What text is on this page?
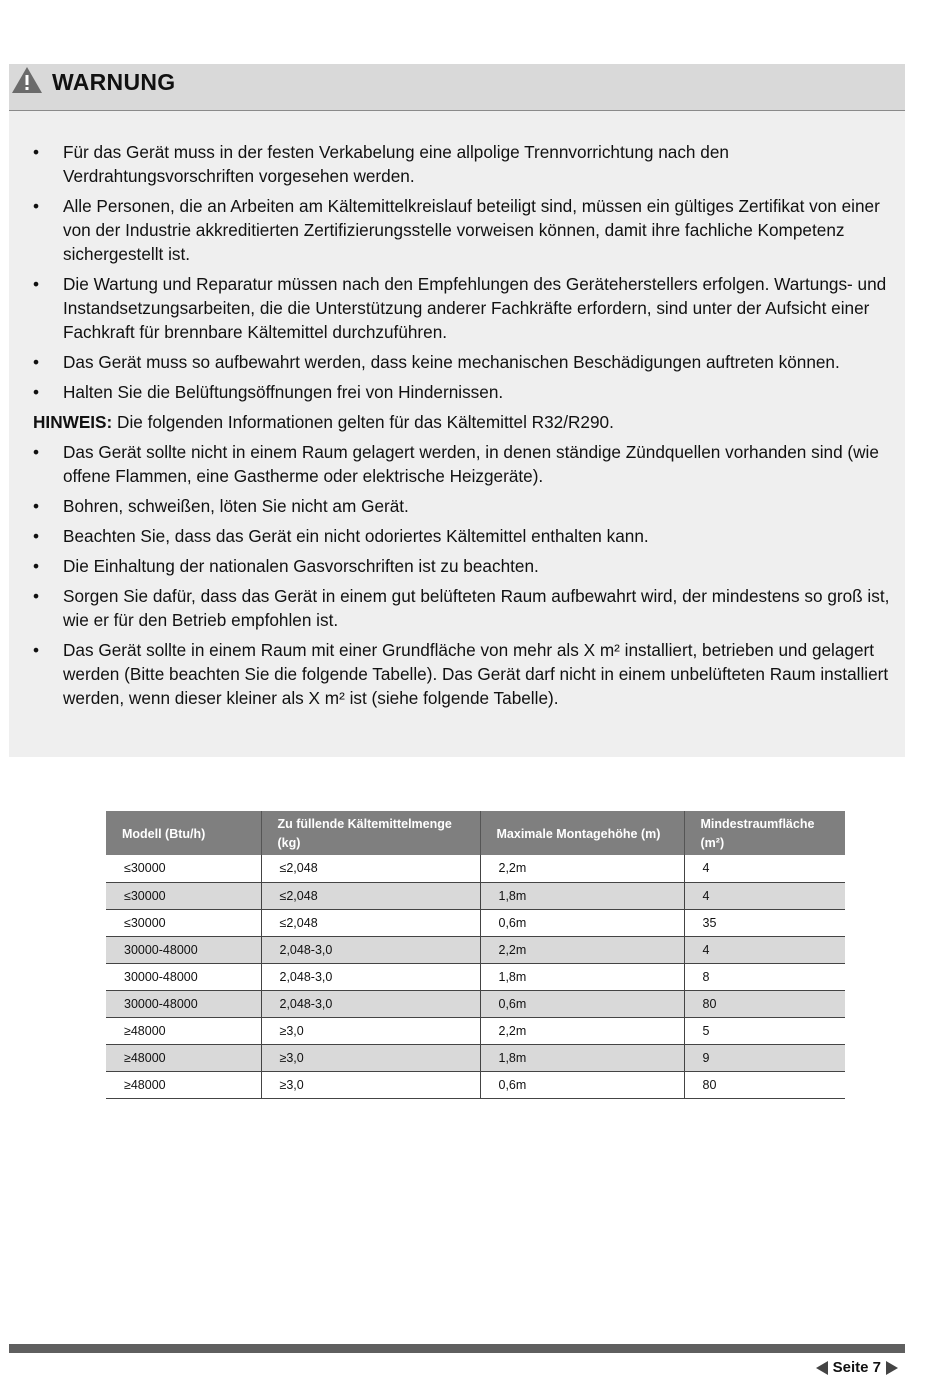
WARNUNG
•	Für das Gerät muss in der festen Verkabelung eine allpolige Trennvorrichtung nach den Verdrahtungsvorschriften vorgesehen werden.
•	Alle Personen, die an Arbeiten am Kältemittelkreislauf beteiligt sind, müssen ein gültiges Zertifikat von einer von der Industrie akkreditierten Zertifizierungsstelle vorweisen können, damit ihre fachliche Kompetenz sichergestellt ist.
•	Die Wartung und Reparatur müssen nach den Empfehlungen des Geräteherstellers erfolgen. Wartungs- und Instandsetzungsarbeiten, die die Unterstützung anderer Fachkräfte erfordern, sind unter der Aufsicht einer Fachkraft für brennbare Kältemittel durchzuführen.
•	Das Gerät muss so aufbewahrt werden, dass keine mechanischen Beschädigungen auftreten können.
•	Halten Sie die Belüftungsöffnungen frei von Hindernissen.
HINWEIS: Die folgenden Informationen gelten für das Kältemittel R32/R290.
•	Das Gerät sollte nicht in einem Raum gelagert werden, in denen ständige Zündquellen vorhanden sind (wie offene Flammen, eine Gastherme oder elektrische Heizgeräte).
•	Bohren, schweißen, löten Sie nicht am Gerät.
•	Beachten Sie, dass das Gerät ein nicht odoriertes Kältemittel enthalten kann.
•	Die Einhaltung der nationalen Gasvorschriften ist zu beachten.
•	Sorgen Sie dafür, dass das Gerät in einem gut belüfteten Raum aufbewahrt wird, der mindestens so groß ist, wie er für den Betrieb empfohlen ist.
•	Das Gerät sollte in einem Raum mit einer Grundfläche von mehr als X m² installiert, betrieben und gelagert werden (Bitte beachten Sie die folgende Tabelle). Das Gerät darf nicht in einem unbelüfteten Raum installiert werden, wenn dieser kleiner als X m² ist (siehe folgende Tabelle).
Modell (Btu/h)	Zu füllende Kältemittelmenge (kg)	Maximale Montagehöhe (m)	Mindestraumfläche (m²)
≤30000	≤2,048	2,2m	4
≤30000	≤2,048	1,8m	4
≤30000	≤2,048	0,6m	35
30000-48000	2,048-3,0	2,2m	4
30000-48000	2,048-3,0	1,8m	8
30000-48000	2,048-3,0	0,6m	80
≥48000	≥3,0	2,2m	5
≥48000	≥3,0	1,8m	9
≥48000	≥3,0	0,6m	80
Seite 7
